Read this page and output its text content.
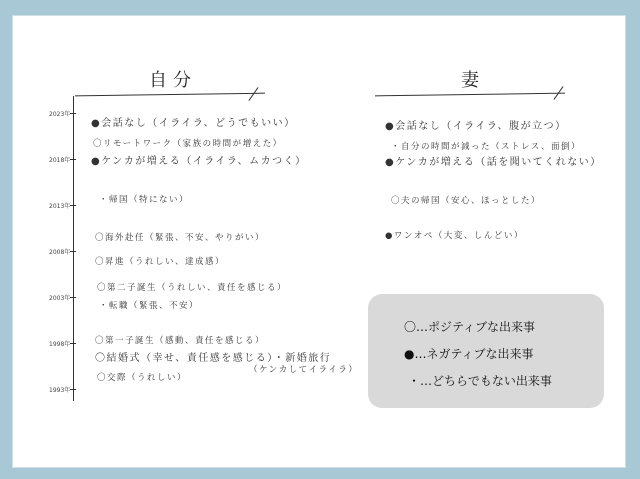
自分	妻
2023年
2018年
2013年
2008年
2003年
1998年
1993年
●会話なし（イライラ、どうでもいい）
〇リモートワーク（家族の時間が増えた）
●ケンカが増える（イライラ、ムカつく）
・帰国（特にない）
〇海外赴任（緊張、不安、やりがい）
〇昇進（うれしい、達成感）
〇第二子誕生（うれしい、責任を感じる）
・転職（緊張、不安）
〇第一子誕生（感動、責任を感じる）
〇結婚式（幸せ、責任感を感じる）・新婚旅行
（ケンカしてイライラ）
〇交際（うれしい）
●会話なし（イライラ、腹が立つ）
・自分の時間が減った（ストレス、面倒）
●ケンカが増える（話を聞いてくれない）
〇夫の帰国（安心、ほっとした）
●ワンオペ（大変、しんどい）
〇…ポジティブな出来事
●…ネガティブな出来事
・…どちらでもない出来事
